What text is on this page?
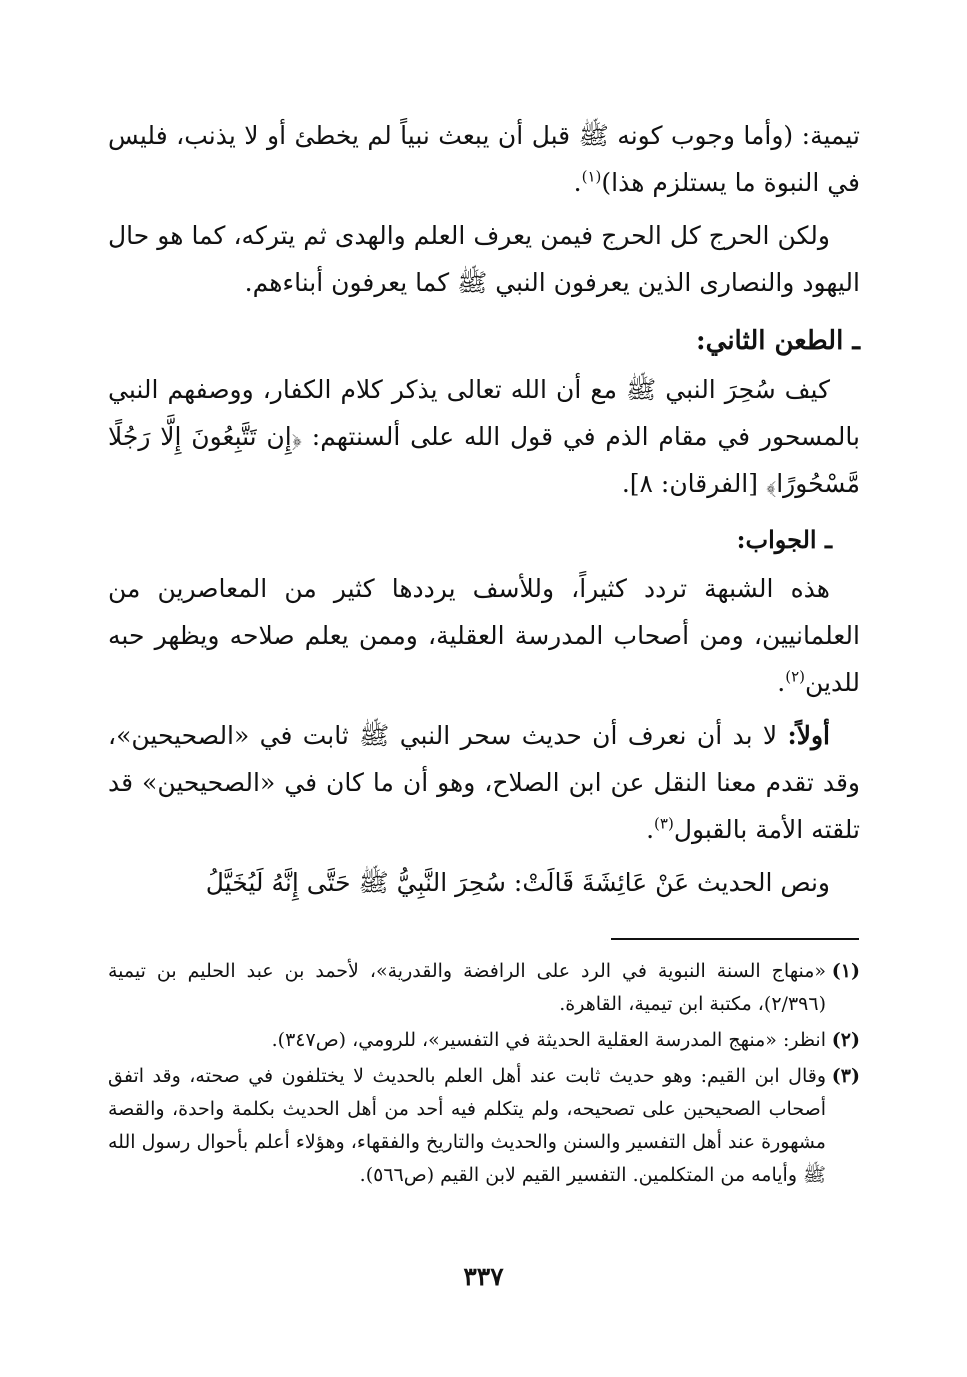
تيمية: (وأما وجوب كونه ﷺ قبل أن يبعث نبياً لم يخطئ أو لا يذنب، فليس في النبوة ما يستلزم هذا)$^{(١)}$.

ولكن الحرج كل الحرج فيمن يعرف العلم والهدى ثم يتركه، كما هو حال اليهود والنصارى الذين يعرفون النبي ﷺ كما يعرفون أبناءهم.

ـ الطعن الثاني:

كيف سُحِرَ النبي ﷺ مع أن الله تعالى يذكر كلام الكفار، ووصفهم النبي بالمسحور في مقام الذم في قول الله على ألسنتهم: ﴿إِن تَتَّبِعُونَ إِلَّا رَجُلًا مَّسْحُورًا﴾ [الفرقان: ٨].

ـ الجواب:

هذه الشبهة تردد كثيراً، وللأسف يرددها كثير من المعاصرين من العلمانيين، ومن أصحاب المدرسة العقلية، وممن يعلم صلاحه ويظهر حبه للدين$^{(٢)}$.

أولاً: لا بد أن نعرف أن حديث سحر النبي ﷺ ثابت في «الصحيحين»، وقد تقدم معنا النقل عن ابن الصلاح، وهو أن ما كان في «الصحيحين» قد تلقته الأمة بالقبول$^{(٣)}$.

ونص الحديث عَنْ عَائِشَةَ قَالَتْ: سُحِرَ النَّبِيُّ ﷺ حَتَّى إِنَّهُ لَيُخَيَّلُ

(١)
«منهاج السنة النبوية في الرد على الرافضة والقدرية»، لأحمد بن عبد الحليم بن تيمية (٢/٣٩٦)، مكتبة ابن تيمية، القاهرة.
(٢)
انظر: «منهج المدرسة العقلية الحديثة في التفسير»، للرومي، (ص٣٤٧).
(٣)
وقال ابن القيم: وهو حديث ثابت عند أهل العلم بالحديث لا يختلفون في صحته، وقد اتفق أصحاب الصحيحين على تصحيحه، ولم يتكلم فيه أحد من أهل الحديث بكلمة واحدة، والقصة مشهورة عند أهل التفسير والسنن والحديث والتاريخ والفقهاء، وهؤلاء أعلم بأحوال رسول الله ﷺ وأيامه من المتكلمين. التفسير القيم لابن القيم (ص٥٦٦).
٣٣٧
